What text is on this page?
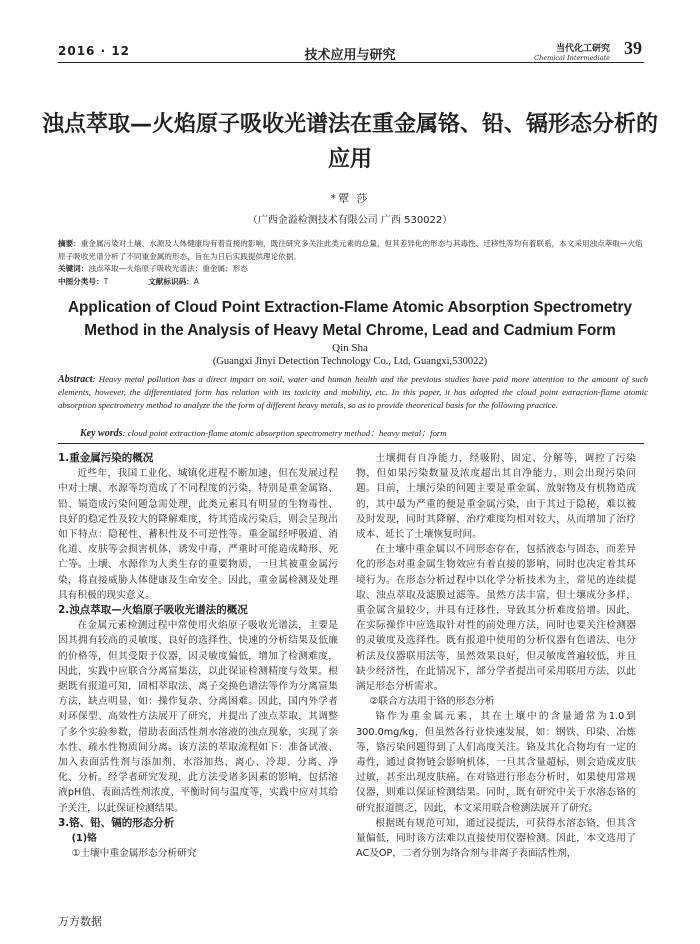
2016 · 12	技术应用与研究	当代化工研究
Chemical Intermediate 39
浊点萃取—火焰原子吸收光谱法在重金属铬、铅、镉形态分析的应用
*覃 莎
（广西金溢检测技术有限公司 广西 530022）

摘要：重金属污染对土壤、水源及人体健康均有着直接的影响，既往研究多关注此类元素的总量，但其差异化的形态与其毒性、迁移性等均有着联系，本文采用浊点萃取—火焰原子吸收光谱分析了不同重金属的形态，旨在为日后实践提供理论依据。

关键词：浊点萃取—火焰原子吸收光谱法；重金属；形态

中图分类号：T	文献标识码：A

Application of Cloud Point Extraction-Flame Atomic Absorption Spectrometry Method in the Analysis of Heavy Metal Chrome, Lead and Cadmium Form
Qin Sha
(Guangxi Jinyi Detection Technology Co., Ltd, Guangxi,530022)
Abstract: Heavy metal pollution has a direct impact on soil, water and human health and the previous studies have paid more attention to the amount of such elements, however, the differentiated form has relation with its toxicity and mobility, etc. In this paper, it has adopted the cloud point extraction-flame atomic absorption spectrometry method to analyze the the form of different heavy metals, so as to provide theoretical basis for the following practice.
Key words: cloud point extraction-flame atomic absorption spectrometry method；heavy metal；form
1.重金属污染的概况

近些年，我国工业化、城镇化进程不断加速，但在发展过程中对土壤、水源等均造成了不同程度的污染，特别是重金属铬、铅、镉造成污染问题急需处理，此类元素具有明显的生物毒性、良好的稳定性及较大的降解难度，待其造成污染后，则会呈现出如下特点：隐秘性、蓄积性及不可逆性等。重金属经呼吸道、消化道、皮肤等会损害机体，诱发中毒，严重时可能造成畸形、死亡等。土壤、水源作为人类生存的重要物质，一旦其被重金属污染，将直接威胁人体健康及生命安全。因此，重金属检测及处理具有积极的现实意义。

2.浊点萃取—火焰原子吸收光谱法的概况

在金属元素检测过程中常使用火焰原子吸收光谱法，主要是因其拥有较高的灵敏度、良好的选择性、快速的分析结果及低廉的价格等，但其受限于仪器，因灵敏度偏低，增加了检测难度，因此，实践中应联合分离富集法，以此保证检测精度与效果。根据既有报道可知，固相萃取法、离子交换色谱法等作为分离富集方法，缺点明显，如：操作复杂、分离困难。因此，国内外学者对环保型、高效性方法展开了研究，并提出了浊点萃取，其调整了多个实验参数，借助表面活性剂水溶液的浊点现象，实现了亲水性、疏水性物质间分离。该方法的萃取流程如下：准备试液、加入表面活性剂与添加剂、水浴加热、离心、冷却、分离、净化、分析。经学者研究发现，此方法受诸多因素的影响，包括溶液pH值、表面活性剂浓度、平衡时间与温度等，实践中应对其给予关注，以此保证检测结果。

3.铬、铅、镉的形态分析
(1)铬

①土壤中重金属形态分析研究

土壤拥有自净能力，经吸附、固定、分解等，调控了污染物，但如果污染数量及浓度超出其自净能力，则会出现污染问题。目前，土壤污染的问题主要是重金属、放射物及有机物造成的，其中最为严重的便是重金属污染，由于其过于隐秘，难以被及时发现，同时其降解、治疗难度均相对较大，从而增加了治疗成本、延长了土壤恢复时间。

在土壤中重金属以不同形态存在，包括液态与固态，而差异化的形态对重金属生物效应有着直接的影响，同时也决定着其环境行为。在形态分析过程中以化学分析技术为主，常见的连续提取、浊点萃取及滤膜过滤等。虽然方法丰富，但土壤成分多样，重金属含量较少，并具有迁移性，导致其分析难度倍增。因此，在实际操作中应选取针对性的前处理方法，同时也要关注检测器的灵敏度及选择性。既有报道中使用的分析仪器有色谱法、电分析法及仪器联用法等，虽然效果良好，但灵敏度普遍较低，并且缺少经济性，在此情况下，部分学者提出可采用联用方法，以此满足形态分析需求。

②联合方法用于铬的形态分析

铬作为重金属元素，其在土壤中的含量通常为1.0到300.0mg/kg，但虽然各行业快速发展，如：钢铁、印染、冶炼等，铬污染问题得到了人们高度关注。铬及其化合物均有一定的毒性，通过食物链会影响机体，一旦其含量超标，则会造成皮肤过敏，甚至出现皮肤癌。在对铬进行形态分析时，如果使用常规仪器，则难以保证检测结果。同时，既有研究中关于水溶态铬的研究报道匮乏，因此，本文采用联合检测法展开了研究。

根据既有规范可知，通过浸提法，可获得水溶态铬，但其含量偏低，同时该方法难以直接使用仪器检测。因此，本文选用了AC及OP，二者分别为络合剂与非离子表面活性剂，

万方数据
